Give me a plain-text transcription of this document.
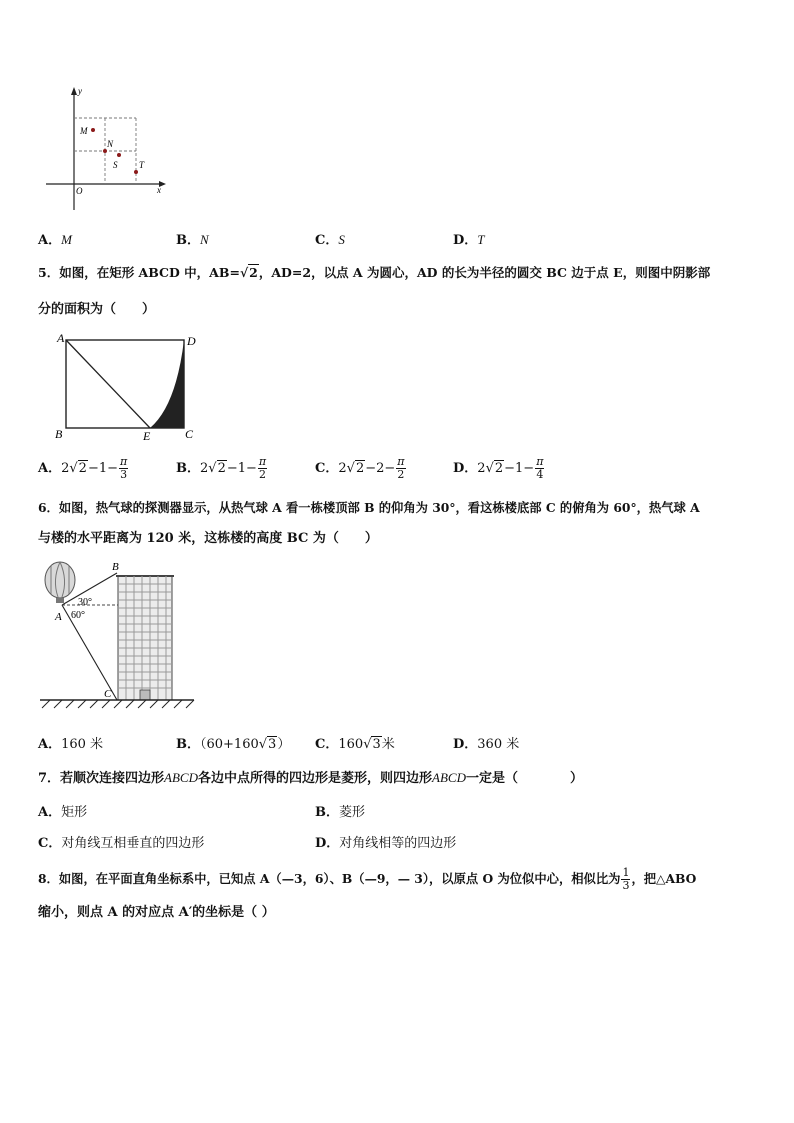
y
x
O
M
N
S T
A．M	B．N	C．S	D．T
5．如图，在矩形 ABCD 中，AB=√2，AD=2，以点 A 为圆心，AD 的长为半径的圆交 BC 边于点 E，则图中阴影部
分的面积为（　　）
A	D
B	E	C
A．$2√2-1- \frac{\pi}{3}$	B．$2√2-1- \frac{\pi}{2}$	C．$2√2-2- \frac{\pi}{2}$	D．$2√2-1- \frac{\pi}{4}$
6．如图，热气球的探测器显示，从热气球 A 看一栋楼顶部 B 的仰角为 30°，看这栋楼底部 C 的俯角为 60°，热气球 A
与楼的水平距离为 120 米，这栋楼的高度 BC 为（　　）
B
A
C
30°
60°
A．160 米	B．（60+160√3） C．160√3米	D．360 米
7．若顺次连接四边形ABCD各边中点所得的四边形是菱形，则四边形ABCD一定是（　　　　）
A．矩形	B．菱形
C．对角线互相垂直的四边形	D．对角线相等的四边形
8．如图，在平面直角坐标系中，已知点 A（—3，6）、B（—9，— 3），以原点 O 为位似中心，相似比为 $\frac{1}{3}$ ，把△ABO
缩小，则点 A 的对应点 A′的坐标是（ ）
